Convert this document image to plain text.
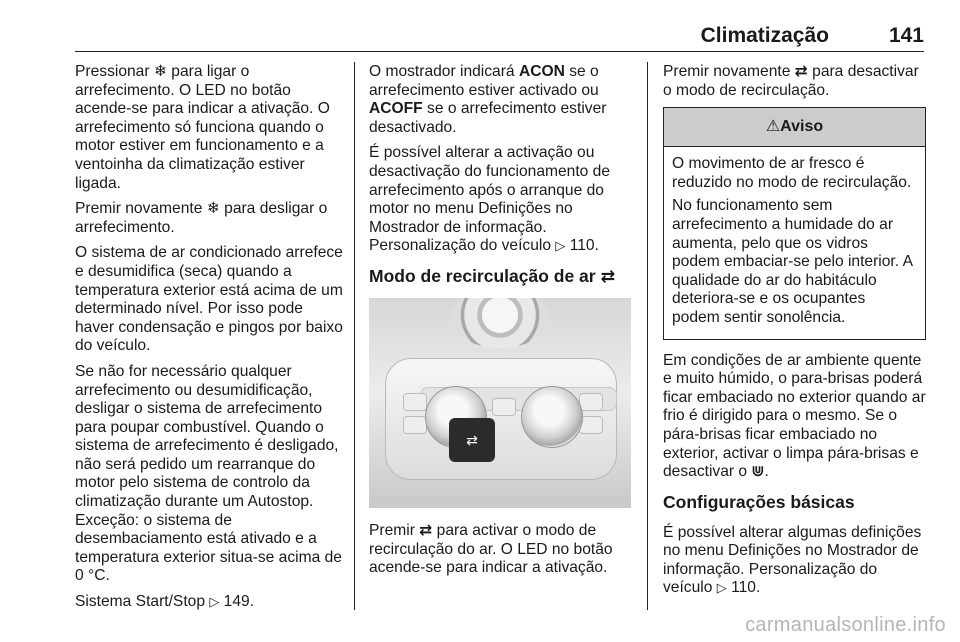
Climatização	141

Pressionar ❄ para ligar o arrefecimento. O LED no botão acende-se para indicar a ativação. O arrefecimento só funciona quando o motor estiver em funcionamento e a ventoinha da climatização estiver ligada.

Premir novamente ❄ para desligar o arrefecimento.

O sistema de ar condicionado arrefece e desumidifica (seca) quando a temperatura exterior está acima de um determinado nível. Por isso pode haver condensação e pingos por baixo do veículo.

Se não for necessário qualquer arrefecimento ou desumidificação, desligar o sistema de arrefecimento para poupar combustível. Quando o sistema de arrefecimento é desligado, não será pedido um rearranque do motor pelo sistema de controlo da climatização durante um Autostop. Exceção: o sistema de desembaciamento está ativado e a temperatura exterior situa-se acima de 0 °C.

Sistema Start/Stop ▷ 149.

O mostrador indicará ACON se o arrefecimento estiver activado ou ACOFF se o arrefecimento estiver desactivado.

É possível alterar a activação ou desactivação do funcionamento de arrefecimento após o arranque do motor no menu Definições no Mostrador de informação. Personalização do veículo ▷ 110.

Modo de recirculação de ar ⇄
⇄

Premir ⇄ para activar o modo de recirculação do ar. O LED no botão acende-se para indicar a ativação.

Premir novamente ⇄ para desactivar o modo de recirculação.

⚠Aviso

O movimento de ar fresco é reduzido no modo de recirculação.

No funcionamento sem arrefecimento a humidade do ar aumenta, pelo que os vidros podem embaciar-se pelo interior. A qualidade do ar do habitáculo deteriora-se e os ocupantes podem sentir sonolência.

Em condições de ar ambiente quente e muito húmido, o para-brisas poderá ficar embaciado no exterior quando ar frio é dirigido para o mesmo. Se o pára-brisas ficar embaciado no exterior, activar o limpa pára-brisas e desactivar o ⋓.

Configurações básicas

É possível alterar algumas definições no menu Definições no Mostrador de informação. Personalização do veículo ▷ 110.

carmanualsonline.info
